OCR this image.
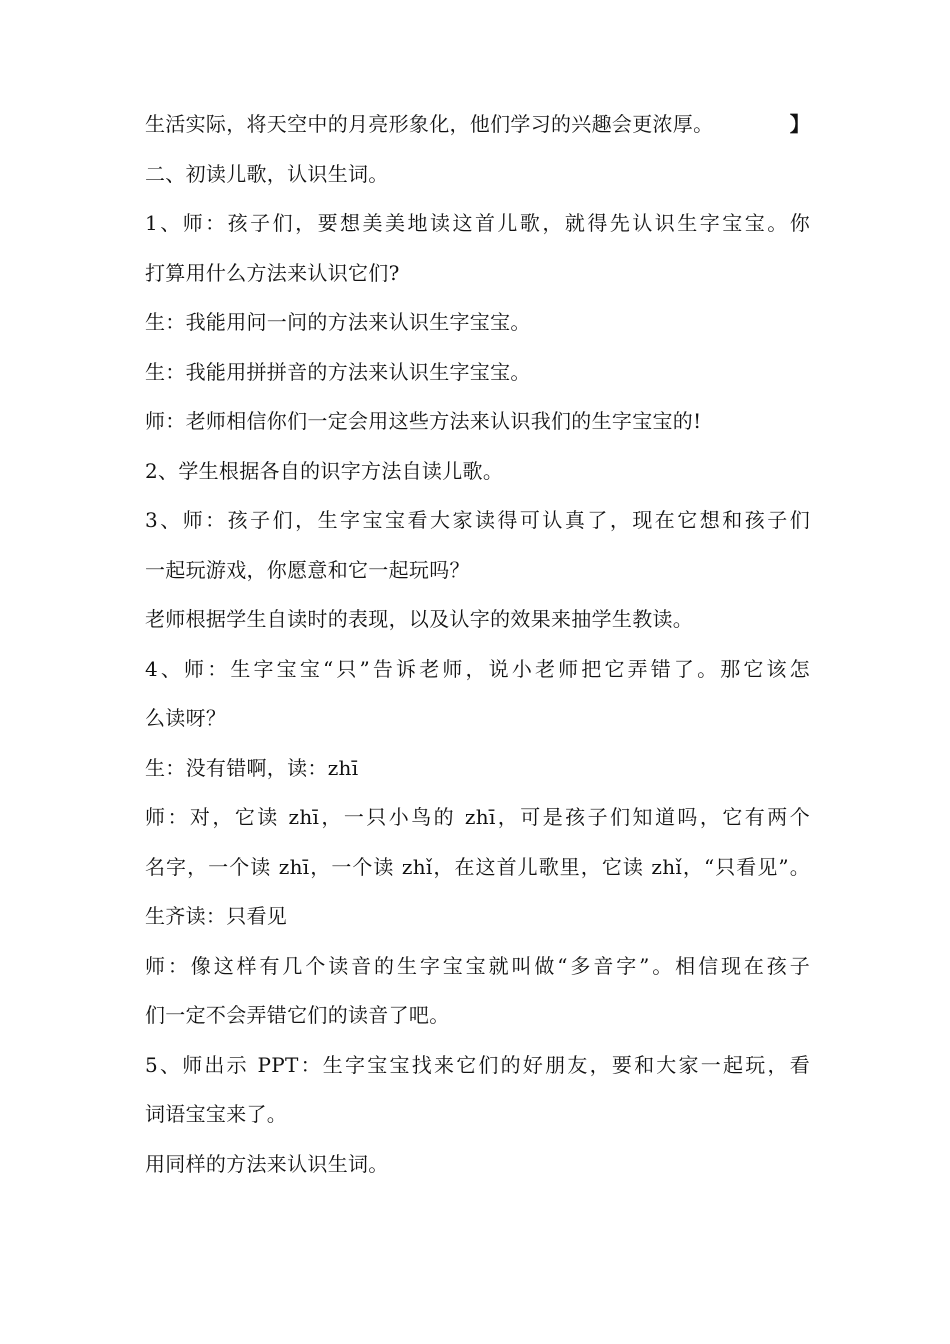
生活实际，将天空中的月亮形象化，他们学习的兴趣会更浓厚。	】
二、初读儿歌，认识生词。
1、师：孩子们，要想美美地读这首儿歌，就得先认识生字宝宝。你
打算用什么方法来认识它们?
生：我能用问一问的方法来认识生字宝宝。
生：我能用拼拼音的方法来认识生字宝宝。
师：老师相信你们一定会用这些方法来认识我们的生字宝宝的!
2、学生根据各自的识字方法自读儿歌。
3、师：孩子们，生字宝宝看大家读得可认真了，现在它想和孩子们
一起玩游戏，你愿意和它一起玩吗？
老师根据学生自读时的表现，以及认字的效果来抽学生教读。
4、师：生字宝宝“只”告诉老师，说小老师把它弄错了。那它该怎
么读呀？
生：没有错啊，读：zhī
师：对，它读 zhī，一只小鸟的 zhī，可是孩子们知道吗，它有两个
名字，一个读 zhī，一个读 zhǐ，在这首儿歌里，它读 zhǐ，“只看见”。
生齐读：只看见
师：像这样有几个读音的生字宝宝就叫做“多音字”。相信现在孩子
们一定不会弄错它们的读音了吧。
5、师出示 PPT：生字宝宝找来它们的好朋友，要和大家一起玩，看
词语宝宝来了。
用同样的方法来认识生词。
